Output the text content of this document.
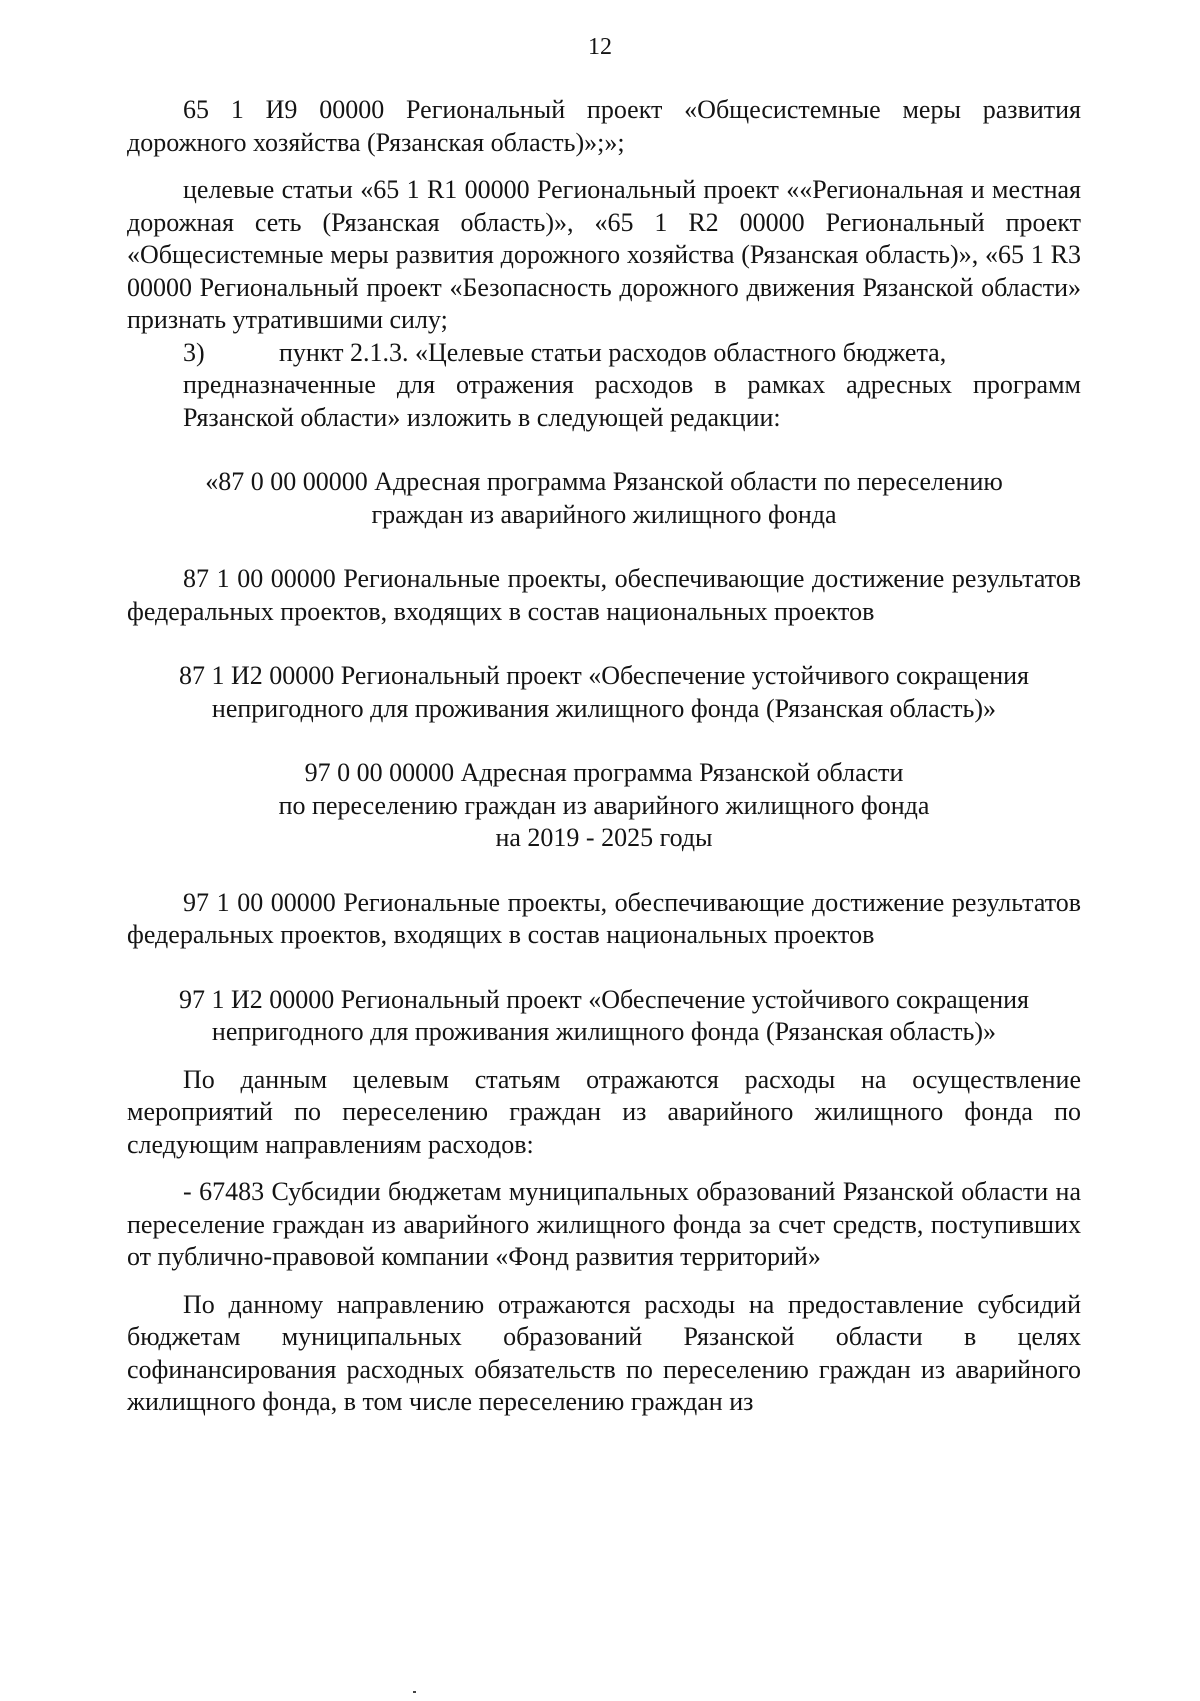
12

65 1 И9 00000 Региональный проект «Общесистемные меры развития дорожного хозяйства (Рязанская область)»;»;

целевые статьи «65 1 R1 00000 Региональный проект ««Региональная и местная дорожная сеть (Рязанская область)», «65 1 R2 00000 Региональный проект «Общесистемные меры развития дорожного хозяйства (Рязанская область)», «65 1 R3 00000 Региональный проект «Безопасность дорожного движения Рязанской области» признать утратившими силу;

3)	пункт 2.1.3. «Целевые статьи расходов областного бюджета,

предназначенные для отражения расходов в рамках адресных программ Рязанской области» изложить в следующей редакции:

«87 0 00 00000 Адресная программа Рязанской области по переселению

граждан из аварийного жилищного фонда

87 1 00 00000 Региональные проекты, обеспечивающие достижение результатов федеральных проектов, входящих в состав национальных проектов

87 1 И2 00000 Региональный проект «Обеспечение устойчивого сокращения

непригодного для проживания жилищного фонда (Рязанская область)»

97 0 00 00000 Адресная программа Рязанской области

по переселению граждан из аварийного жилищного фонда

на 2019 - 2025 годы

97 1 00 00000 Региональные проекты, обеспечивающие достижение результатов федеральных проектов, входящих в состав национальных проектов

97 1 И2 00000 Региональный проект «Обеспечение устойчивого сокращения

непригодного для проживания жилищного фонда (Рязанская область)»

По данным целевым статьям отражаются расходы на осуществление мероприятий по переселению граждан из аварийного жилищного фонда по следующим направлениям расходов:

- 67483 Субсидии бюджетам муниципальных образований Рязанской области на переселение граждан из аварийного жилищного фонда за счет средств, поступивших от публично-правовой компании «Фонд развития территорий»

По данному направлению отражаются расходы на предоставление субсидий бюджетам муниципальных образований Рязанской области в целях софинансирования расходных обязательств по переселению граждан из аварийного жилищного фонда, в том числе переселению граждан из
